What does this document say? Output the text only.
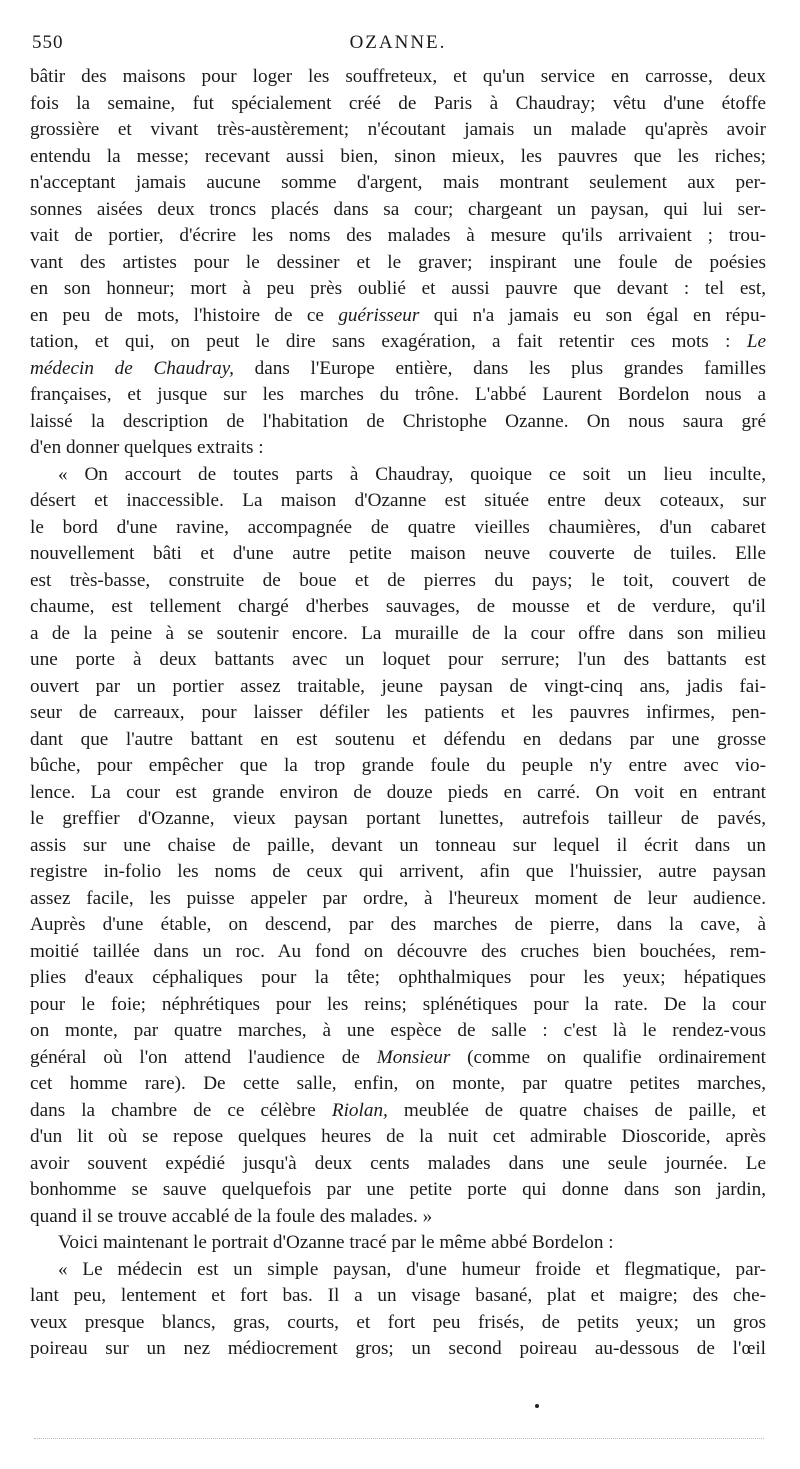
550	OZANNE.
bâtir des maisons pour loger les souffreteux, et qu'un service en carrosse, deux
fois la semaine, fut spécialement créé de Paris à Chaudray; vêtu d'une étoffe
grossière et vivant très-austèrement; n'écoutant jamais un malade qu'après avoir
entendu la messe; recevant aussi bien, sinon mieux, les pauvres que les riches;
n'acceptant jamais aucune somme d'argent, mais montrant seulement aux per-
sonnes aisées deux troncs placés dans sa cour; chargeant un paysan, qui lui ser-
vait de portier, d'écrire les noms des malades à mesure qu'ils arrivaient ; trou-
vant des artistes pour le dessiner et le graver; inspirant une foule de poésies
en son honneur; mort à peu près oublié et aussi pauvre que devant : tel est,
en peu de mots, l'histoire de ce guérisseur qui n'a jamais eu son égal en répu-
tation, et qui, on peut le dire sans exagération, a fait retentir ces mots : Le
médecin de Chaudray, dans l'Europe entière, dans les plus grandes familles
françaises, et jusque sur les marches du trône. L'abbé Laurent Bordelon nous a
laissé la description de l'habitation de Christophe Ozanne. On nous saura gré
d'en donner quelques extraits :
« On accourt de toutes parts à Chaudray, quoique ce soit un lieu inculte,
désert et inaccessible. La maison d'Ozanne est située entre deux coteaux, sur
le bord d'une ravine, accompagnée de quatre vieilles chaumières, d'un cabaret
nouvellement bâti et d'une autre petite maison neuve couverte de tuiles. Elle
est très-basse, construite de boue et de pierres du pays; le toit, couvert de
chaume, est tellement chargé d'herbes sauvages, de mousse et de verdure, qu'il
a de la peine à se soutenir encore. La muraille de la cour offre dans son milieu
une porte à deux battants avec un loquet pour serrure; l'un des battants est
ouvert par un portier assez traitable, jeune paysan de vingt-cinq ans, jadis fai-
seur de carreaux, pour laisser défiler les patients et les pauvres infirmes, pen-
dant que l'autre battant en est soutenu et défendu en dedans par une grosse
bûche, pour empêcher que la trop grande foule du peuple n'y entre avec vio-
lence. La cour est grande environ de douze pieds en carré. On voit en entrant
le greffier d'Ozanne, vieux paysan portant lunettes, autrefois tailleur de pavés,
assis sur une chaise de paille, devant un tonneau sur lequel il écrit dans un
registre in-folio les noms de ceux qui arrivent, afin que l'huissier, autre paysan
assez facile, les puisse appeler par ordre, à l'heureux moment de leur audience.
Auprès d'une étable, on descend, par des marches de pierre, dans la cave, à
moitié taillée dans un roc. Au fond on découvre des cruches bien bouchées, rem-
plies d'eaux céphaliques pour la tête; ophthalmiques pour les yeux; hépatiques
pour le foie; néphrétiques pour les reins; splénétiques pour la rate. De la cour
on monte, par quatre marches, à une espèce de salle : c'est là le rendez-vous
général où l'on attend l'audience de Monsieur (comme on qualifie ordinairement
cet homme rare). De cette salle, enfin, on monte, par quatre petites marches,
dans la chambre de ce célèbre Riolan, meublée de quatre chaises de paille, et
d'un lit où se repose quelques heures de la nuit cet admirable Dioscoride, après
avoir souvent expédié jusqu'à deux cents malades dans une seule journée. Le
bonhomme se sauve quelquefois par une petite porte qui donne dans son jardin,
quand il se trouve accablé de la foule des malades. »
Voici maintenant le portrait d'Ozanne tracé par le même abbé Bordelon :
« Le médecin est un simple paysan, d'une humeur froide et flegmatique, par-
lant peu, lentement et fort bas. Il a un visage basané, plat et maigre; des che-
veux presque blancs, gras, courts, et fort peu frisés, de petits yeux; un gros
poireau sur un nez médiocrement gros; un second poireau au-dessous de l'œil
